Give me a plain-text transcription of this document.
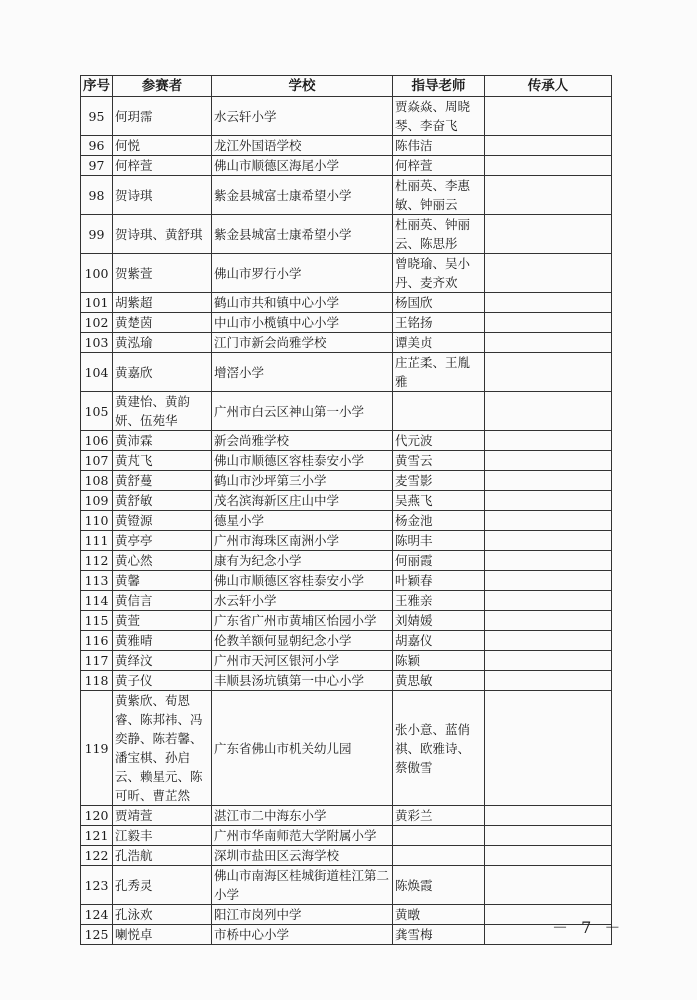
序号	参赛者	学校	指导老师	传承人
95	何玥霈	水云轩小学	贾焱焱、周晓琴、李奋飞	
96	何悦	龙江外国语学校	陈伟洁	
97	何梓萱	佛山市顺德区海尾小学	何梓萱	
98	贺诗琪	紫金县城富士康希望小学	杜丽英、李惠敏、钟丽云	
99	贺诗琪、黄舒琪	紫金县城富士康希望小学	杜丽英、钟丽云、陈思彤	
100	贺紫萱	佛山市罗行小学	曾晓瑜、吴小丹、麦齐欢	
101	胡紫超	鹤山市共和镇中心小学	杨国欣	
102	黄楚茵	中山市小榄镇中心小学	王铭扬	
103	黄泓瑜	江门市新会尚雅学校	谭美贞	
104	黄嘉欣	增滘小学	庄芷柔、王胤雅	
105	黄建怡、黄韵妍、伍苑华	广州市白云区神山第一小学		
106	黄沛霖	新会尚雅学校	代元波	
107	黄芃飞	佛山市顺德区容桂泰安小学	黄雪云	
108	黄舒蔓	鹤山市沙坪第三小学	麦雪影	
109	黄舒敏	茂名滨海新区庄山中学	吴燕飞	
110	黄镫源	德星小学	杨金池	
111	黄亭亭	广州市海珠区南洲小学	陈明丰	
112	黄心然	康有为纪念小学	何丽霞	
113	黄馨	佛山市顺德区容桂泰安小学	叶颖春	
114	黄信言	水云轩小学	王雅亲	
115	黄萱	广东省广州市黄埔区怡园小学	刘婧媛	
116	黄雅晴	伦教羊额何显朝纪念小学	胡嘉仪	
117	黄绎汶	广州市天河区银河小学	陈颖	
118	黄子仪	丰顺县汤坑镇第一中心小学	黄思敏	
119	黄紫欣、荀恩睿、陈邦祎、冯奕静、陈若馨、潘宝棋、孙启云、赖星元、陈可昕、曹芷然	广东省佛山市机关幼儿园	张小意、蓝俏祺、欧雅诗、蔡傲雪	
120	贾靖萱	湛江市二中海东小学	黄彩兰	
121	江毅丰	广州市华南师范大学附属小学		
122	孔浩航	深圳市盐田区云海学校		
123	孔秀灵	佛山市南海区桂城街道桂江第二小学	陈焕霞	
124	孔泳欢	阳江市岗列中学	黄暾	
125	喇悦卓	市桥中心小学	龚雪梅		－ 7 －
